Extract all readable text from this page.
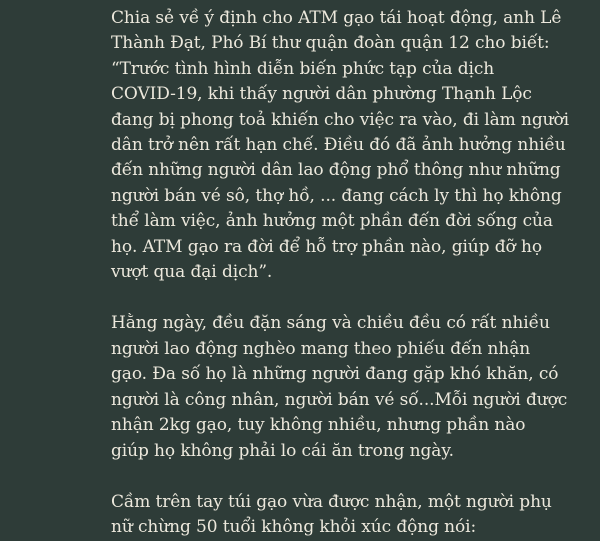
Chia sẻ về ý định cho ATM gạo tái hoạt động, anh Lê
Thành Đạt, Phó Bí thư quận đoàn quận 12 cho biết:
“Trước tình hình diễn biến phức tạp của dịch
COVID-19, khi thấy người dân phường Thạnh Lộc
đang bị phong toả khiến cho việc ra vào, đi làm người
dân trở nên rất hạn chế. Điều đó đã ảnh hưởng nhiều
đến những người dân lao động phổ thông như những
người bán vé sô, thợ hồ, ... đang cách ly thì họ không
thể làm việc, ảnh hưởng một phần đến đời sống của
họ. ATM gạo ra đời để hỗ trợ phần nào, giúp đỡ họ
vượt qua đại dịch”.

Hằng ngày, đều đặn sáng và chiều đều có rất nhiều
người lao động nghèo mang theo phiếu đến nhận
gạo. Đa số họ là những người đang gặp khó khăn, có
người là công nhân, người bán vé số...Mỗi người được
nhận 2kg gạo, tuy không nhiều, nhưng phần nào
giúp họ không phải lo cái ăn trong ngày.

Cầm trên tay túi gạo vừa được nhận, một người phụ
nữ chừng 50 tuổi không khỏi xúc động nói:
